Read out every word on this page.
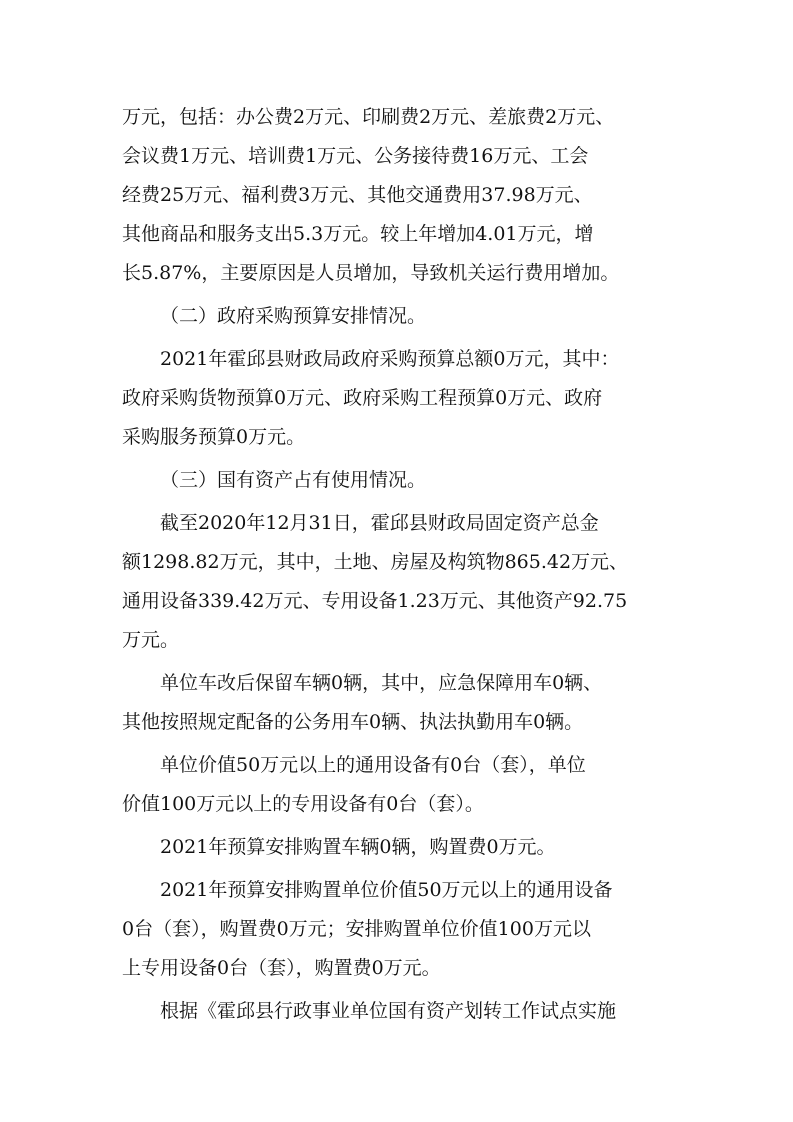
万元，包括：办公费2万元、印刷费2万元、差旅费2万元、
会议费1万元、培训费1万元、公务接待费16万元、工会
经费25万元、福利费3万元、其他交通费用37.98万元、
其他商品和服务支出5.3万元。较上年增加4.01万元，增
长5.87%，主要原因是人员增加，导致机关运行费用增加。

（二）政府采购预算安排情况。

2021年霍邱县财政局政府采购预算总额0万元，其中：
政府采购货物预算0万元、政府采购工程预算0万元、政府
采购服务预算0万元。

（三）国有资产占有使用情况。

截至2020年12月31日，霍邱县财政局固定资产总金
额1298.82万元，其中，土地、房屋及构筑物865.42万元、
通用设备339.42万元、专用设备1.23万元、其他资产92.75
万元。

单位车改后保留车辆0辆，其中，应急保障用车0辆、
其他按照规定配备的公务用车0辆、执法执勤用车0辆。

单位价值50万元以上的通用设备有0台（套），单位
价值100万元以上的专用设备有0台（套）。

2021年预算安排购置车辆0辆，购置费0万元。

2021年预算安排购置单位价值50万元以上的通用设备
0台（套），购置费0万元；安排购置单位价值100万元以
上专用设备0台（套），购置费0万元。

根据《霍邱县行政事业单位国有资产划转工作试点实施
